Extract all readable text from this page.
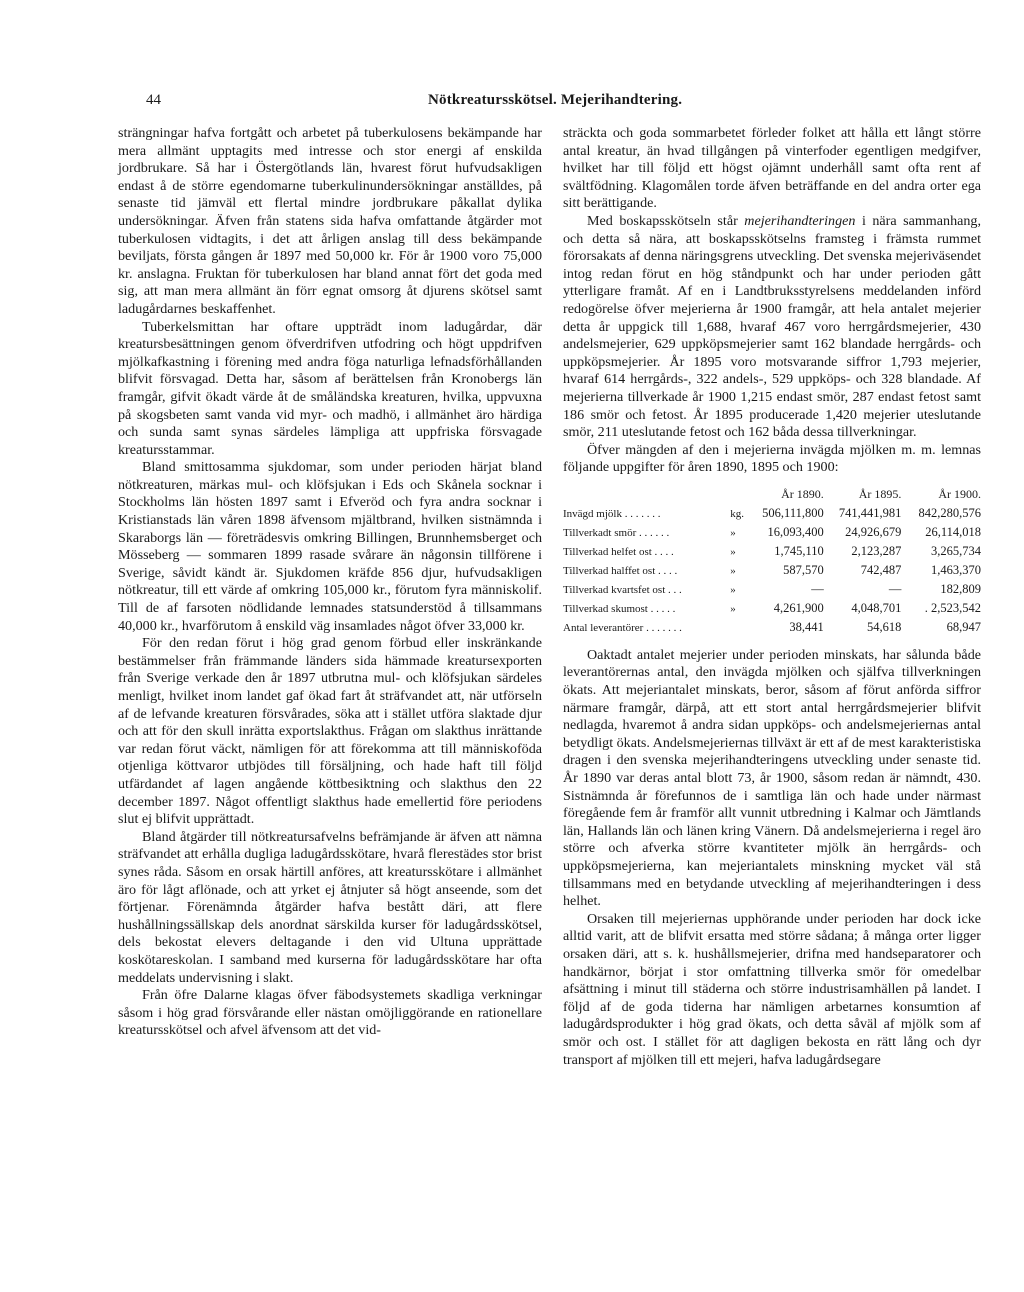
44	Nötkreatursskötsel. Mejerihandtering.

strängningar hafva fortgått och arbetet på tuberkulosens bekämpande har mera allmänt upptagits med intresse och stor energi af enskilda jordbrukare. Så har i Östergötlands län, hvarest förut hufvudsakligen endast å de större egendomarne tuberkulinundersökningar anställdes, på senaste tid jämväl ett flertal mindre jordbrukare påkallat dylika undersökningar. Äfven från statens sida hafva omfattande åtgärder mot tuberkulosen vidtagits, i det att årligen anslag till dess bekämpande beviljats, första gången år 1897 med 50,000 kr. För år 1900 voro 75,000 kr. anslagna. Fruktan för tuberkulosen har bland annat fört det goda med sig, att man mera allmänt än förr egnat omsorg åt djurens skötsel samt ladugårdarnes beskaffenhet.

Tuberkelsmittan har oftare uppträdt inom ladugårdar, där kreatursbesättningen genom öfverdrifven utfodring och högt uppdrifven mjölkafkastning i förening med andra föga naturliga lefnadsförhållanden blifvit försvagad. Detta har, såsom af berättelsen från Kronobergs län framgår, gifvit ökadt värde åt de småländska kreaturen, hvilka, uppvuxna på skogsbeten samt vanda vid myr- och madhö, i allmänhet äro härdiga och sunda samt synas särdeles lämpliga att uppfriska försvagade kreatursstammar.

Bland smittosamma sjukdomar, som under perioden härjat bland nötkreaturen, märkas mul- och klöfsjukan i Eds och Skånela socknar i Stockholms län hösten 1897 samt i Efveröd och fyra andra socknar i Kristianstads län våren 1898 äfvensom mjältbrand, hvilken sistnämnda i Skaraborgs län — företrädesvis omkring Billingen, Brunnhemsberget och Mösseberg — sommaren 1899 rasade svårare än någonsin tillförene i Sverige, såvidt kändt är. Sjukdomen kräfde 856 djur, hufvudsakligen nötkreatur, till ett värde af omkring 105,000 kr., förutom fyra människolif. Till de af farsoten nödlidande lemnades statsunderstöd å tillsammans 40,000 kr., hvarförutom å enskild väg insamlades något öfver 33,000 kr.

För den redan förut i hög grad genom förbud eller inskränkande bestämmelser från främmande länders sida hämmade kreatursexporten från Sverige verkade den år 1897 utbrutna mul- och klöfsjukan särdeles menligt, hvilket inom landet gaf ökad fart åt sträfvandet att, när utförseln af de lefvande kreaturen försvårades, söka att i stället utföra slaktade djur och att för den skull inrätta exportslakthus. Frågan om slakthus inrättande var redan förut väckt, nämligen för att förekomma att till människoföda otjenliga köttvaror utbjödes till försäljning, och hade haft till följd utfärdandet af lagen angående köttbesiktning och slakthus den 22 december 1897. Något offentligt slakthus hade emellertid före periodens slut ej blifvit upprättadt.

Bland åtgärder till nötkreatursafvelns befrämjande är äfven att nämna sträfvandet att erhålla dugliga ladugårdsskötare, hvarå flerestädes stor brist synes råda. Såsom en orsak härtill anföres, att kreatursskötare i allmänhet äro för lågt aflönade, och att yrket ej åtnjuter så högt anseende, som det förtjenar. Förenämnda åtgärder hafva bestått däri, att flere hushållningssällskap dels anordnat särskilda kurser för ladugårdsskötsel, dels bekostat elevers deltagande i den vid Ultuna upprättade koskötareskolan. I samband med kurserna för ladugårdsskötare har ofta meddelats undervisning i slakt.

Från öfre Dalarne klagas öfver fäbodsystemets skadliga verkningar såsom i hög grad försvårande eller nästan omöjliggörande en rationellare kreatursskötsel och afvel äfvensom att det vid-

sträckta och goda sommarbetet förleder folket att hålla ett långt större antal kreatur, än hvad tillgången på vinterfoder egentligen medgifver, hvilket har till följd ett högst ojämnt underhåll samt ofta rent af svältfödning. Klagomålen torde äfven beträffande en del andra orter ega sitt berättigande.

Med boskapsskötseln står mejerihandteringen i nära sammanhang, och detta så nära, att boskapsskötselns framsteg i främsta rummet förorsakats af denna näringsgrens utveckling. Det svenska mejeriväsendet intog redan förut en hög ståndpunkt och har under perioden gått ytterligare framåt. Af en i Landtbruksstyrelsens meddelanden införd redogörelse öfver mejerierna år 1900 framgår, att hela antalet mejerier detta år uppgick till 1,688, hvaraf 467 voro herrgårdsmejerier, 430 andelsmejerier, 629 uppköpsmejerier samt 162 blandade herrgårds- och uppköpsmejerier. År 1895 voro motsvarande siffror 1,793 mejerier, hvaraf 614 herrgårds-, 322 andels-, 529 uppköps- och 328 blandade. Af mejerierna tillverkade år 1900 1,215 endast smör, 287 endast fetost samt 186 smör och fetost. År 1895 producerade 1,420 mejerier uteslutande smör, 211 uteslutande fetost och 162 båda dessa tillverkningar.

Öfver mängden af den i mejerierna invägda mjölken m. m. lemnas följande uppgifter för åren 1890, 1895 och 1900:

År 1890.	År 1895.	År 1900.
Invägd mjölk . . . . . . .	kg.	506,111,800	741,441,981	842,280,576
Tillverkadt smör . . . . . .	»	16,093,400	24,926,679	26,114,018
Tillverkad helfet ost . . . .	»	1,745,110	2,123,287	3,265,734
Tillverkad halffet ost . . . .	»	587,570	742,487	1,463,370
Tillverkad kvartsfet ost . . .	»	—	—	182,809
Tillverkad skumost . . . . .	»	4,261,900	4,048,701	. 2,523,542
Antal leverantörer . . . . . . .	38,441	54,618	68,947

Oaktadt antalet mejerier under perioden minskats, har sålunda både leverantörernas antal, den invägda mjölken och själfva tillverkningen ökats. Att mejeriantalet minskats, beror, såsom af förut anförda siffror närmare framgår, därpå, att ett stort antal herrgårdsmejerier blifvit nedlagda, hvaremot å andra sidan uppköps- och andelsmejeriernas antal betydligt ökats. Andelsmejeriernas tillväxt är ett af de mest karakteristiska dragen i den svenska mejerihandteringens utveckling under senaste tid. År 1890 var deras antal blott 73, år 1900, såsom redan är nämndt, 430. Sistnämnda år förefunnos de i samtliga län och hade under närmast föregående fem år framför allt vunnit utbredning i Kalmar och Jämtlands län, Hallands län och länen kring Vänern. Då andelsmejerierna i regel äro större och afverka större kvantiteter mjölk än herrgårds- och uppköpsmejerierna, kan mejeriantalets minskning mycket väl stå tillsammans med en betydande utveckling af mejerihandteringen i dess helhet.

Orsaken till mejeriernas upphörande under perioden har dock icke alltid varit, att de blifvit ersatta med större sådana; å många orter ligger orsaken däri, att s. k. hushållsmejerier, drifna med handseparatorer och handkärnor, börjat i stor omfattning tillverka smör för omedelbar afsättning i minut till städerna och större industrisamhällen på landet. I följd af de goda tiderna har nämligen arbetarnes konsumtion af ladugårdsprodukter i hög grad ökats, och detta såväl af mjölk som af smör och ost. I stället för att dagligen bekosta en rätt lång och dyr transport af mjölken till ett mejeri, hafva ladugårdsegare
